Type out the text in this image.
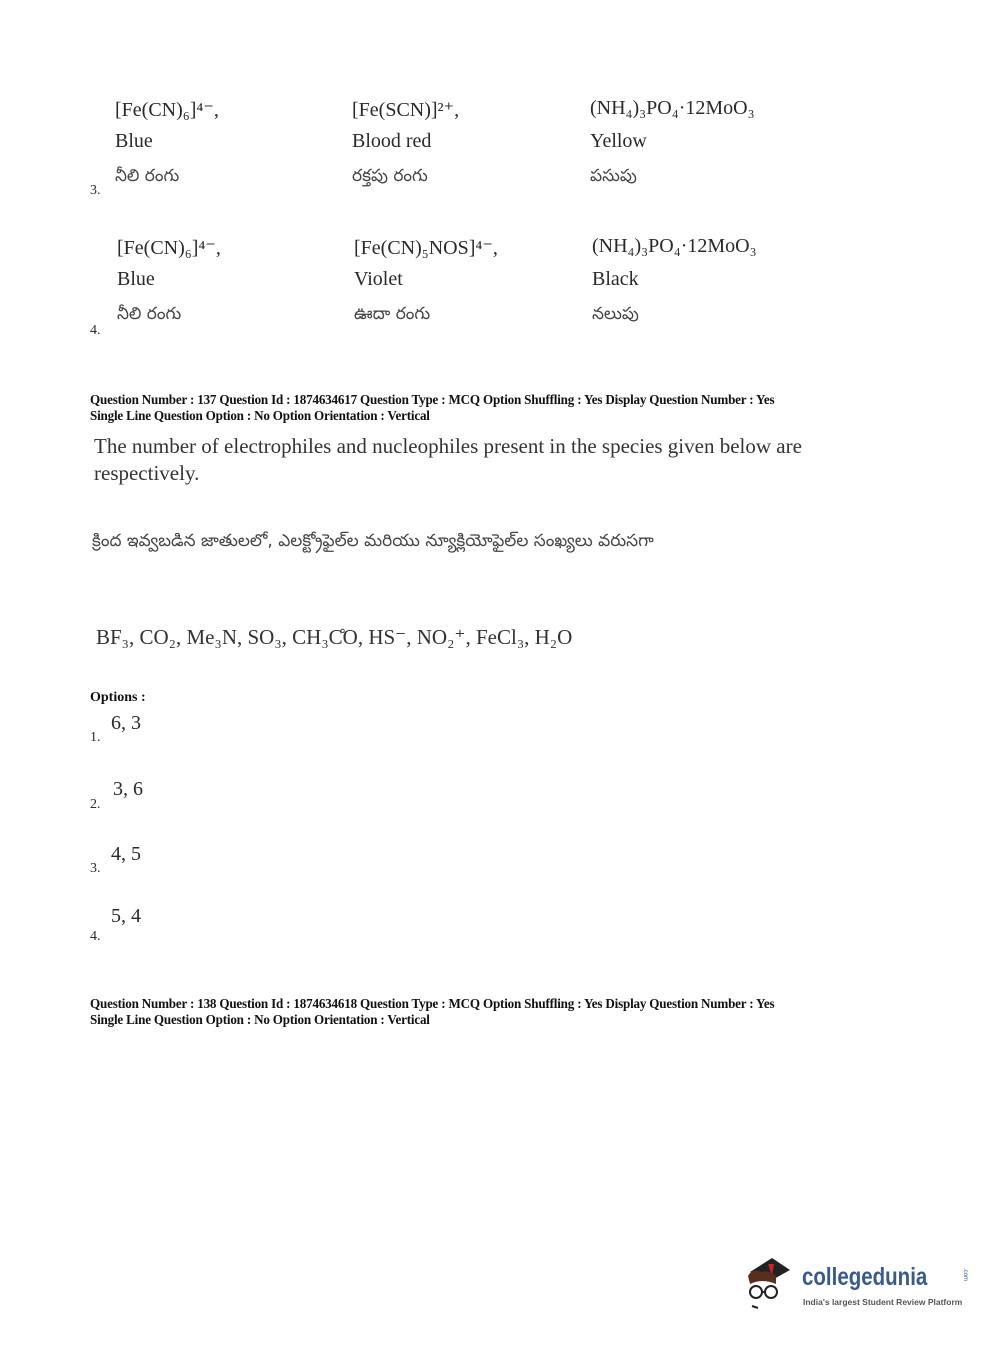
[Fe(CN)₆]⁴⁻,	[Fe(SCN)]²⁺,	(NH₄)₃PO₄·12MoO₃
Blue	Blood red	Yellow
నీలి రంగు	రక్తపు రంగు	పసుపు
3.
[Fe(CN)₆]⁴⁻,	[Fe(CN)₅NOS]⁴⁻,	(NH₄)₃PO₄·12MoO₃
Blue	Violet	Black
నీలి రంగు	ఊదా రంగు	నలుపు
4.
Question Number : 137 Question Id : 1874634617 Question Type : MCQ Option Shuffling : Yes Display Question Number : Yes
Single Line Question Option : No Option Orientation : Vertical
The number of electrophiles and nucleophiles present in the species given below are
respectively.
క్రింద ఇవ్వబడిన జాతులలో, ఎలక్ట్రోఫైల్‌ల మరియు న్యూక్లియోఫైల్‌ల సంఖ్యలు వరుసగా
BF₃, CO₂, Me₃N, SO₃, CH₃C̊O, HS⁻, NO₂⁺, FeCl₃, H₂O
Options :
6, 3
1.
3, 6
2.
4, 5
3.
5, 4
4.
Question Number : 138 Question Id : 1874634618 Question Type : MCQ Option Shuffling : Yes Display Question Number : Yes
Single Line Question Option : No Option Orientation : Vertical
collegedunia	.com
India's largest Student Review Platform
